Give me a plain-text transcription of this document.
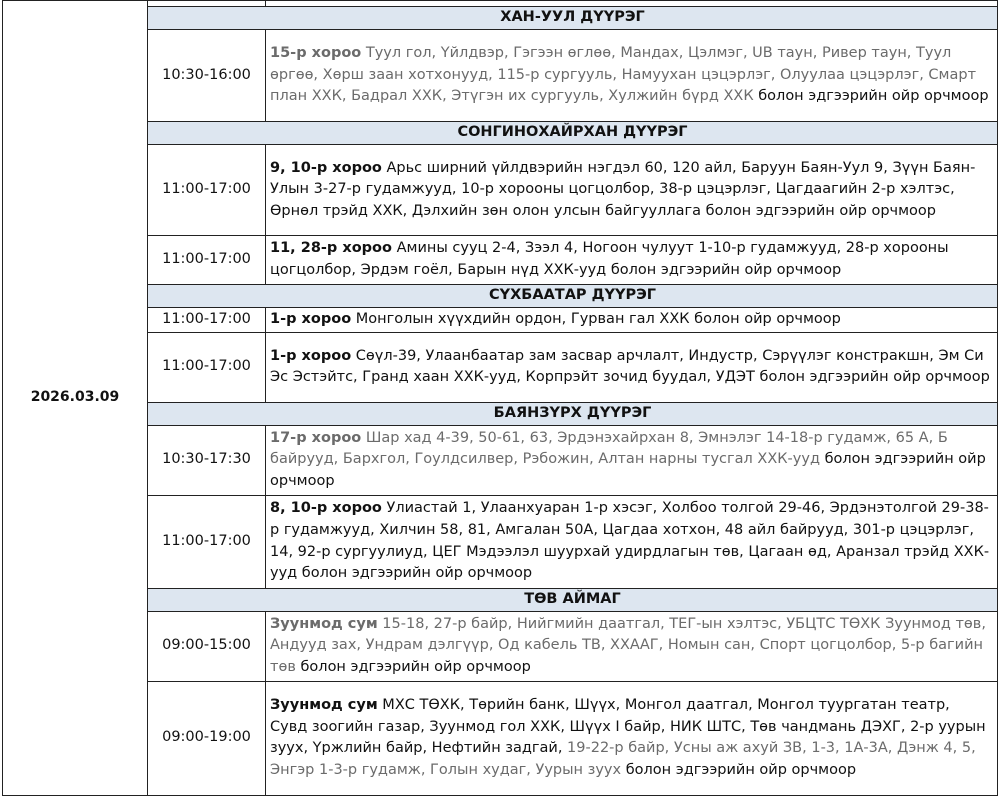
2026.03.09		
	ХАН-УУЛ ДҮҮРЭГ	
	10:30-16:00	15-р хороо Туул гол, Үйлдвэр, Гэгээн өглөө, Мандах, Цэлмэг, UB таун, Ривер таун, Туул өргөө, Хөрш заан хотхонууд, 115-р сургууль, Намуухан цэцэрлэг, Олуулаа цэцэрлэг, Смарт план ХХК, Бадрал ХХК, Этүгэн их сургууль, Хулжийн бүрд ХХК болон эдгээрийн ойр орчмоор
	СОНГИНОХАЙРХАН ДҮҮРЭГ	
	11:00-17:00	9, 10-р хороо Арьс ширний үйлдвэрийн нэгдэл 60, 120 айл, Баруун Баян-Уул 9, Зүүн Баян-Улын 3-27-р гудамжууд, 10-р хорооны цогцолбор, 38-р цэцэрлэг, Цагдаагийн 2-р хэлтэс, Өрнөл трэйд ХХК, Дэлхийн зөн олон улсын байгууллага болон эдгээрийн ойр орчмоор
	11:00-17:00	11, 28-р хороо Амины сууц 2-4, Зээл 4, Ногоон чулуут 1-10-р гудамжууд, 28-р хорооны цогцолбор, Эрдэм гоёл, Барын нүд ХХК-ууд болон эдгээрийн ойр орчмоор
	СҮХБААТАР ДҮҮРЭГ	
	11:00-17:00	1-р хороо Монголын хүүхдийн ордон, Гурван гал ХХК болон ойр орчмоор
	11:00-17:00	1-р хороо Сөүл-39, Улаанбаатар зам засвар арчлалт, Индустр, Сэрүүлэг констракшн, Эм Си Эс Эстэйтс, Гранд хаан ХХК-ууд, Корпрэйт зочид буудал, УДЭТ болон эдгээрийн ойр орчмоор
	БАЯНЗҮРХ ДҮҮРЭГ	
	10:30-17:30	17-р хороо Шар хад 4-39, 50-61, 63, Эрдэнэхайрхан 8, Эмнэлэг 14-18-р гудамж, 65 А, Б байрууд, Бархгол, Гоулдсилвер, Рэбожин, Алтан нарны тусгал ХХК-ууд болон эдгээрийн ойр орчмоор
	11:00-17:00	8, 10-р хороо Улиастай 1, Улаанхуаран 1-р хэсэг, Холбоо толгой 29-46, Эрдэнэтолгой 29-38-р гудамжууд, Хилчин 58, 81, Амгалан 50А, Цагдаа хотхон, 48 айл байрууд, 301-р цэцэрлэг, 14, 92-р сургуулиуд, ЦЕГ Мэдээлэл шуурхай удирдлагын төв, Цагаан өд, Аранзал трэйд ХХК-ууд болон эдгээрийн ойр орчмоор
	ТӨВ АЙМАГ	
	09:00-15:00	Зуунмод сум 15-18, 27-р байр, Нийгмийн даатгал, ТЕГ-ын хэлтэс, УБЦТС ТӨХК Зуунмод төв, Андууд зах, Ундрам дэлгүүр, Од кабель ТВ, ХХААГ, Номын сан, Спорт цогцолбор, 5-р багийн төв болон эдгээрийн ойр орчмоор
	09:00-19:00	Зуунмод сум МХС ТӨХК, Төрийн банк, Шүүх, Монгол даатгал, Монгол туургатан театр, Сувд зоогийн газар, Зуунмод гол ХХК, Шүүх I байр, НИК ШТС, Төв чандмань ДЭХГ, 2-р уурын зуух, Үржлийн байр, Нефтийн задгай, 19-22-р байр, Усны аж ахуй ЗВ, 1-3, 1А-3А, Дэнж 4, 5, Энгэр 1-3-р гудамж, Голын худаг, Уурын зуух болон эдгээрийн ойр орчмоор
